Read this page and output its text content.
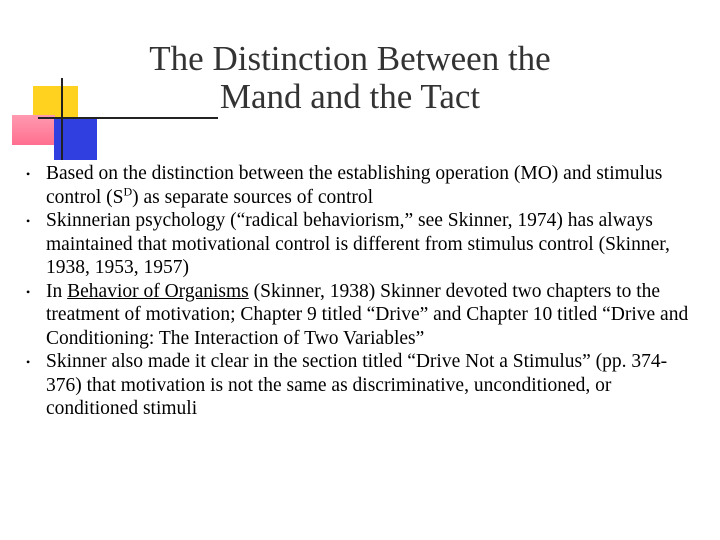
The Distinction Between the
Mand and the Tact
• Based on the distinction between the establishing operation (MO) and stimulus control $(S^D)$ as separate sources of control
• Skinnerian psychology (“radical behaviorism,” see Skinner, 1974) has always maintained that motivational control is different from stimulus control (Skinner, 1938, 1953, 1957)
• In Behavior of Organisms (Skinner, 1938) Skinner devoted two chapters to the treatment of motivation; Chapter 9 titled “Drive” and Chapter 10 titled “Drive and Conditioning: The Interaction of Two Variables”
• Skinner also made it clear in the section titled “Drive Not a Stimulus” (pp. 374-376) that motivation is not the same as discriminative, unconditioned, or conditioned stimuli
